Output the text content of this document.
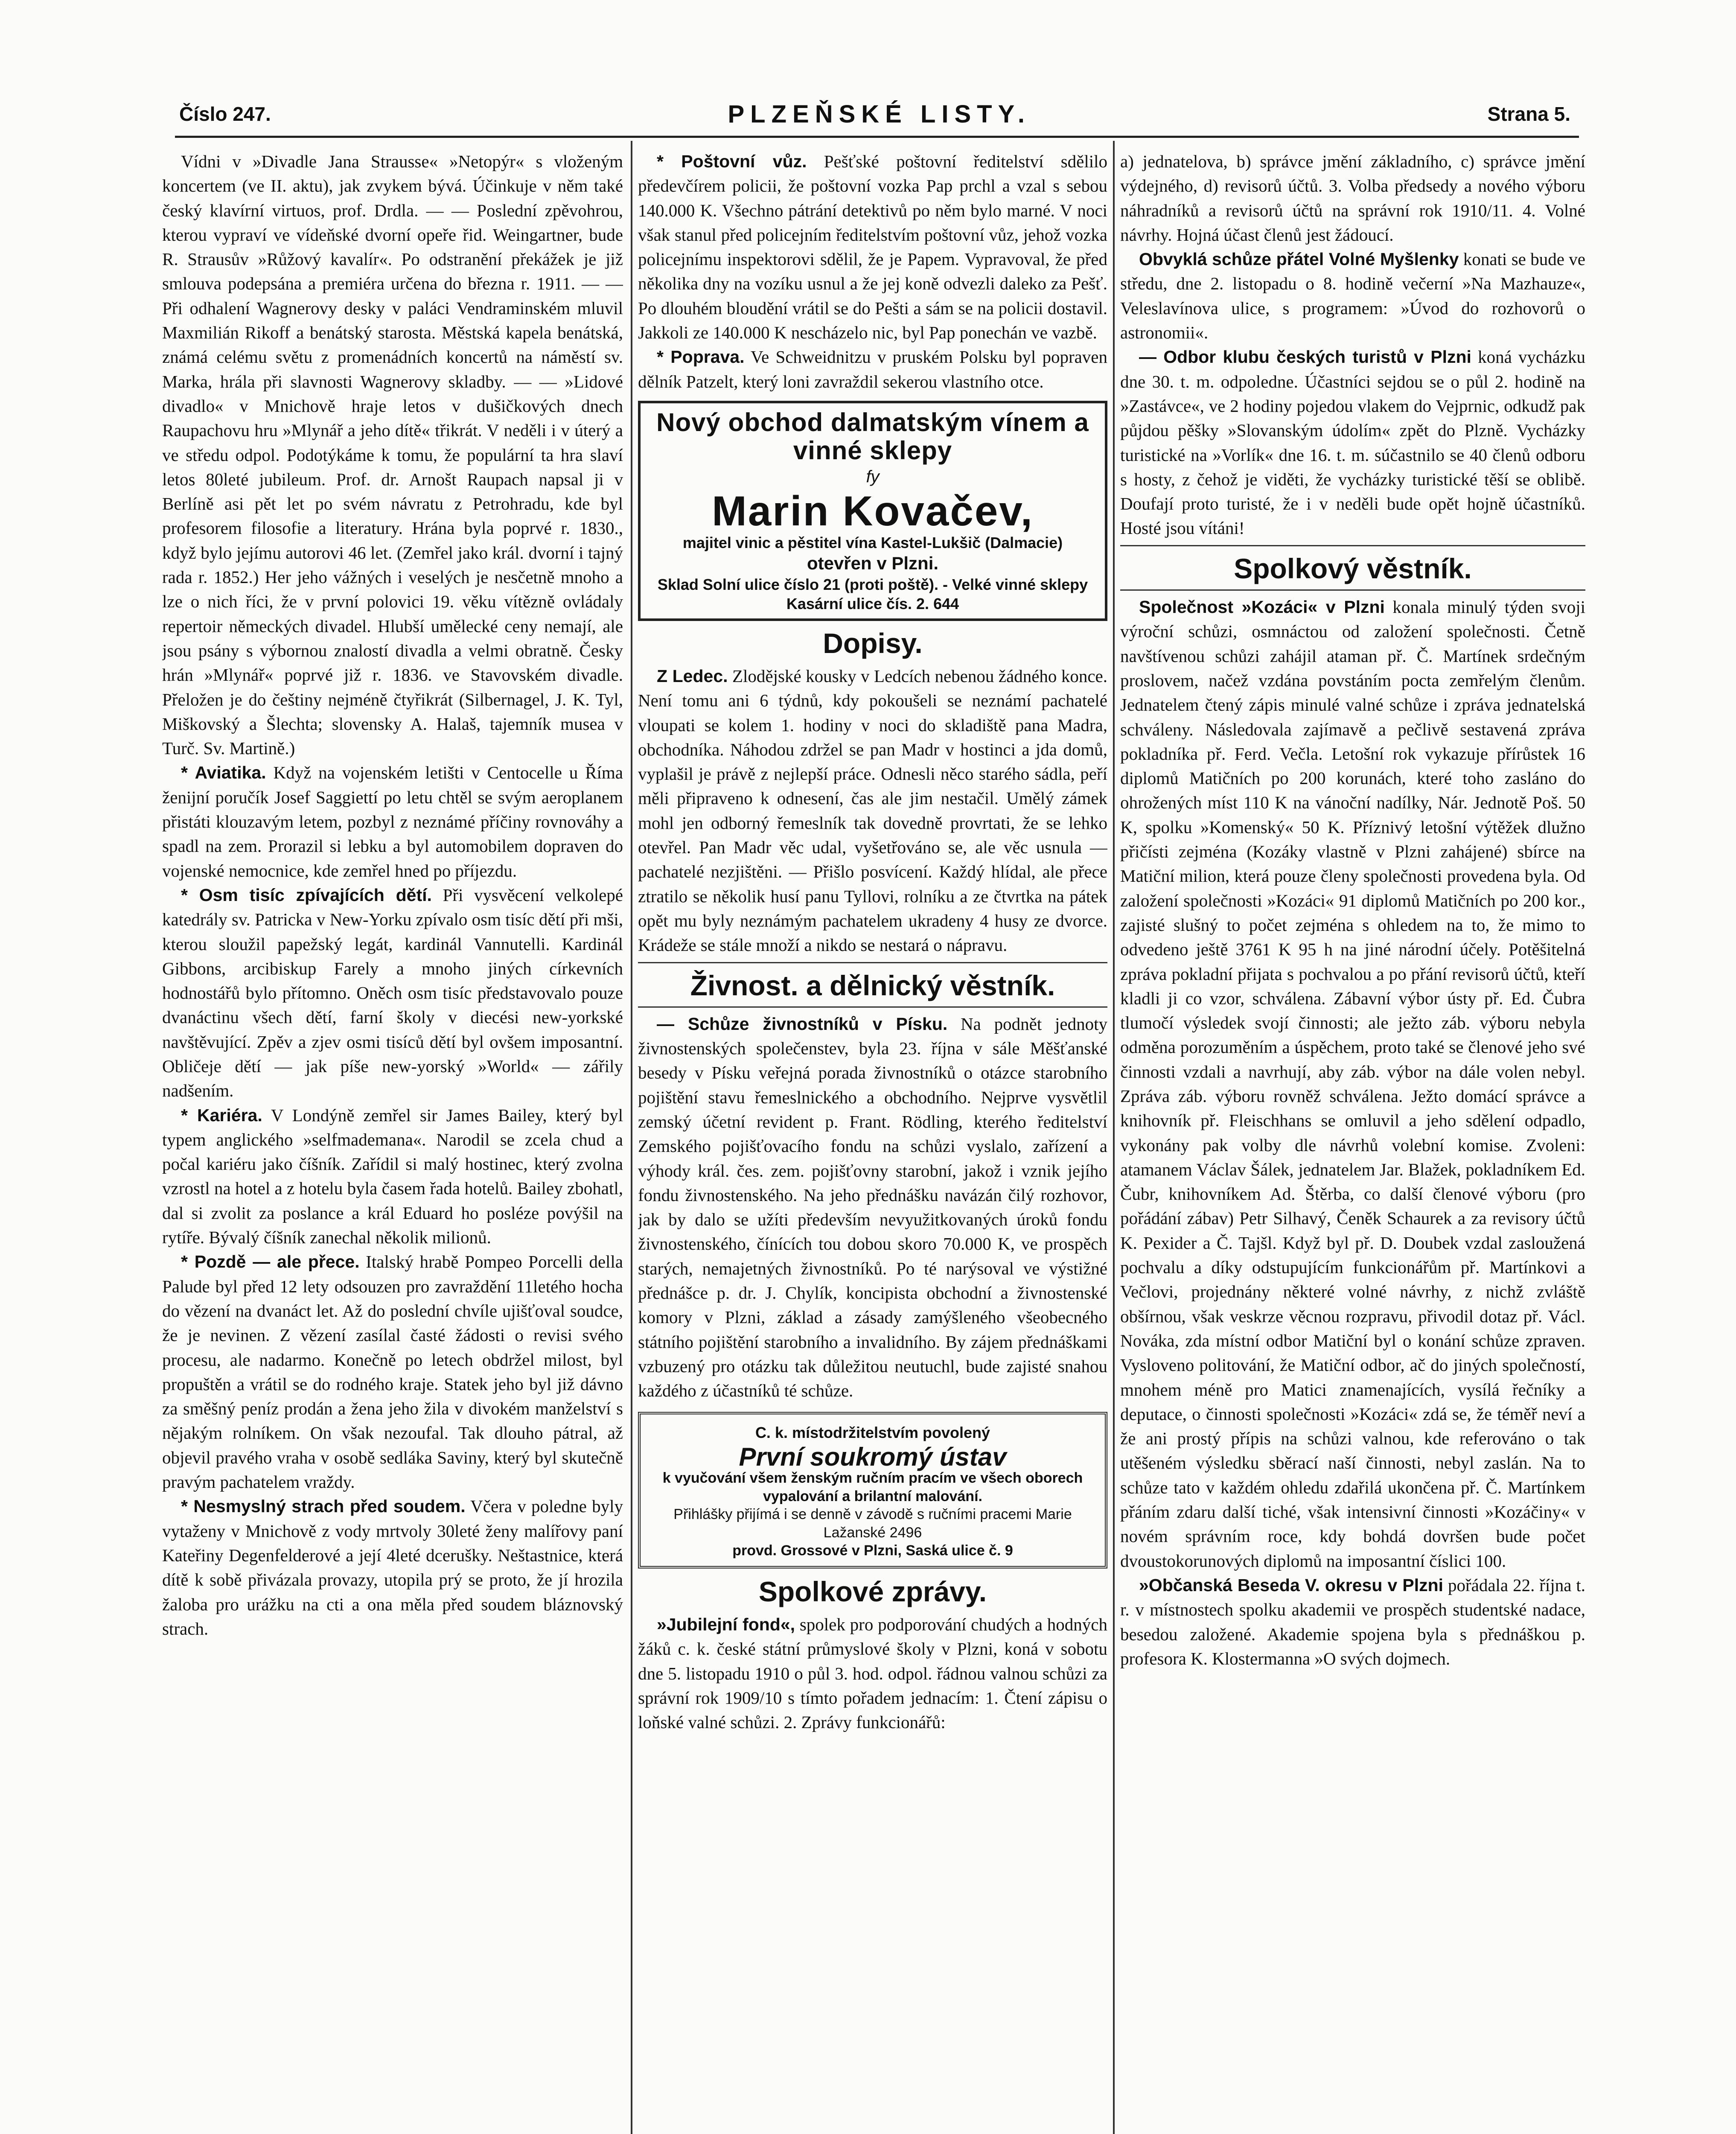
Číslo 247.	PLZEŇSKÉ LISTY.	Strana 5.

Vídni v »Divadle Jana Strausse« »Netopýr« s vloženým koncertem (ve II. aktu), jak zvykem bývá. Účinkuje v něm také český klavírní virtuos, prof. Drdla. — — Poslední zpěvohrou, kterou vypraví ve vídeňské dvorní opeře řid. Weingartner, bude R. Strausův »Růžový kavalír«. Po odstranění překážek je již smlouva podepsána a premiéra určena do března r. 1911. — — Při odhalení Wagnerovy desky v paláci Vendraminském mluvil Maxmilián Rikoff a benátský starosta. Městská kapela benátská, známá celému světu z promenádních koncertů na náměstí sv. Marka, hrála při slavnosti Wagnerovy skladby. — — »Lidové divadlo« v Mnichově hraje letos v dušičkových dnech Raupachovu hru »Mlynář a jeho dítě« třikrát. V neděli i v úterý a ve středu odpol. Podotýkáme k tomu, že populární ta hra slaví letos 80leté jubileum. Prof. dr. Arnošt Raupach napsal ji v Berlíně asi pět let po svém návratu z Petrohradu, kde byl profesorem filosofie a literatury. Hrána byla poprvé r. 1830., když bylo jejímu autorovi 46 let. (Zemřel jako král. dvorní i tajný rada r. 1852.) Her jeho vážných i veselých je nesčetně mnoho a lze o nich říci, že v první polovici 19. věku vítězně ovládaly repertoir německých divadel. Hlubší umělecké ceny nemají, ale jsou psány s výbornou znalostí divadla a velmi obratně. Česky hrán »Mlynář« poprvé již r. 1836. ve Stavovském divadle. Přeložen je do češtiny nejméně čtyřikrát (Silbernagel, J. K. Tyl, Miškovský a Šlechta; slovensky A. Halaš, tajemník musea v Turč. Sv. Martině.)

* Aviatika. Když na vojenském letišti v Centocelle u Říma ženijní poručík Josef Saggiettí po letu chtěl se svým aeroplanem přistáti klouzavým letem, pozbyl z neznámé příčiny rovnováhy a spadl na zem. Prorazil si lebku a byl automobilem dopraven do vojenské nemocnice, kde zemřel hned po příjezdu.

* Osm tisíc zpívajících dětí. Při vysvěcení velkolepé katedrály sv. Patricka v New-Yorku zpívalo osm tisíc dětí při mši, kterou sloužil papežský legát, kardinál Vannutelli. Kardinál Gibbons, arcibiskup Farely a mnoho jiných církevních hodnostářů bylo přítomno. Oněch osm tisíc představovalo pouze dvanáctinu všech dětí, farní školy v diecési new-yorkské navštěvující. Zpěv a zjev osmi tisíců dětí byl ovšem imposantní. Obličeje dětí — jak píše new-yorský »World« — zářily nadšením.

* Kariéra. V Londýně zemřel sir James Bailey, který byl typem anglického »selfmademana«. Narodil se zcela chud a počal kariéru jako číšník. Zařídil si malý hostinec, který zvolna vzrostl na hotel a z hotelu byla časem řada hotelů. Bailey zbohatl, dal si zvolit za poslance a král Eduard ho posléze povýšil na rytíře. Bývalý číšník zanechal několik milionů.

* Pozdě — ale přece. Italský hrabě Pompeo Porcelli della Palude byl před 12 lety odsouzen pro zavraždění 11letého hocha do vězení na dvanáct let. Až do poslední chvíle ujišťoval soudce, že je nevinen. Z vězení zasílal časté žádosti o revisi svého procesu, ale nadarmo. Konečně po letech obdržel milost, byl propuštěn a vrátil se do rodného kraje. Statek jeho byl již dávno za směšný peníz prodán a žena jeho žila v divokém manželství s nějakým rolníkem. On však nezoufal. Tak dlouho pátral, až objevil pravého vraha v osobě sedláka Saviny, který byl skutečně pravým pachatelem vraždy.

* Nesmyslný strach před soudem. Včera v poledne byly vytaženy v Mnichově z vody mrtvoly 30leté ženy malířovy paní Kateřiny Degenfelderové a její 4leté dcerušky. Neštastnice, která dítě k sobě přivázala provazy, utopila prý se proto, že jí hrozila žaloba pro urážku na cti a ona měla před soudem bláznovský strach.

* Poštovní vůz. Pešťské poštovní ředitelství sdělilo předevčírem policii, že poštovní vozka Pap prchl a vzal s sebou 140.000 K. Všechno pátrání detektivů po něm bylo marné. V noci však stanul před policejním ředitelstvím poštovní vůz, jehož vozka policejnímu inspektorovi sdělil, že je Papem. Vypravoval, že před několika dny na vozíku usnul a že jej koně odvezli daleko za Pešť. Po dlouhém bloudění vrátil se do Pešti a sám se na policii dostavil. Jakkoli ze 140.000 K nescházelo nic, byl Pap ponechán ve vazbě.

* Poprava. Ve Schweidnitzu v pruském Polsku byl popraven dělník Patzelt, který loni zavraždil sekerou vlastního otce.

Nový obchod dalmatským vínem a vinné sklepy
fy
Marin Kovačev,
majitel vinic a pěstitel vína Kastel-Lukšič (Dalmacie)
otevřen v Plzni.
Sklad Solní ulice číslo 21 (proti poště). - Velké vinné sklepy Kasární ulice čís. 2. 644
Dopisy.

Z Ledec. Zlodějské kousky v Ledcích nebenou žádného konce. Není tomu ani 6 týdnů, kdy pokoušeli se neznámí pachatelé vloupati se kolem 1. hodiny v noci do skladiště pana Madra, obchodníka. Náhodou zdržel se pan Madr v hostinci a jda domů, vyplašil je právě z nejlepší práce. Odnesli něco starého sádla, peří měli připraveno k odnesení, čas ale jim nestačil. Umělý zámek mohl jen odborný řemeslník tak dovedně provrtati, že se lehko otevřel. Pan Madr věc udal, vyšetřováno se, ale věc usnula — pachatelé nezjištěni. — Přišlo posvícení. Každý hlídal, ale přece ztratilo se několik husí panu Tyllovi, rolníku a ze čtvrtka na pátek opět mu byly neznámým pachatelem ukradeny 4 husy ze dvorce. Krádeže se stále množí a nikdo se nestará o nápravu.

Živnost. a dělnický věstník.

— Schůze živnostníků v Písku. Na podnět jednoty živnostenských společenstev, byla 23. října v sále Měšťanské besedy v Písku veřejná porada živnostníků o otázce starobního pojištění stavu řemeslnického a obchodního. Nejprve vysvětlil zemský účetní revident p. Frant. Rödling, kterého ředitelství Zemského pojišťovacího fondu na schůzi vyslalo, zařízení a výhody král. čes. zem. pojišťovny starobní, jakož i vznik jejího fondu živnostenského. Na jeho přednášku navázán čilý rozhovor, jak by dalo se užíti především nevyužitkovaných úroků fondu živnostenského, čínících tou dobou skoro 70.000 K, ve prospěch starých, nemajetných živnostníků. Po té narýsoval ve výstižné přednášce p. dr. J. Chylík, koncipista obchodní a živnostenské komory v Plzni, základ a zásady zamýšleného všeobecného státního pojištění starobního a invalidního. By zájem přednáškami vzbuzený pro otázku tak důležitou neutuchl, bude zajisté snahou každého z účastníků té schůze.

C. k. místodržitelstvím povolený
První soukromý ústav
k vyučování všem ženským ručním pracím ve všech oborech vypalování a brilantní malování.
Přihlášky přijímá i se denně v závodě s ručními pracemi Marie Lažanské 2496
provd. Grossové v Plzni, Saská ulice č. 9
Spolkové zprávy.

»Jubilejní fond«, spolek pro podporování chudých a hodných žáků c. k. české státní průmyslové školy v Plzni, koná v sobotu dne 5. listopadu 1910 o půl 3. hod. odpol. řádnou valnou schůzi za správní rok 1909/10 s tímto pořadem jednacím: 1. Čtení zápisu o loňské valné schůzi. 2. Zprávy funkcionářů:

a) jednatelova, b) správce jmění základního, c) správce jmění výdejného, d) revisorů účtů. 3. Volba předsedy a nového výboru náhradníků a revisorů účtů na správní rok 1910/11. 4. Volné návrhy. Hojná účast členů jest žádoucí.

Obvyklá schůze přátel Volné Myšlenky konati se bude ve středu, dne 2. listopadu o 8. hodině večerní »Na Mazhauze«, Veleslavínova ulice, s programem: »Úvod do rozhovorů o astronomii«.

— Odbor klubu českých turistů v Plzni koná vycházku dne 30. t. m. odpoledne. Účastníci sejdou se o půl 2. hodině na »Zastávce«, ve 2 hodiny pojedou vlakem do Vejprnic, odkudž pak půjdou pěšky »Slovanským údolím« zpět do Plzně. Vycházky turistické na »Vorlík« dne 16. t. m. súčastnilo se 40 členů odboru s hosty, z čehož je viděti, že vycházky turistické těší se oblibě. Doufají proto turisté, že i v neděli bude opět hojně účastníků. Hosté jsou vítáni!

Spolkový věstník.

Společnost »Kozáci« v Plzni konala minulý týden svoji výroční schůzi, osmnáctou od založení společnosti. Četně navštívenou schůzi zahájil ataman př. Č. Martínek srdečným proslovem, načež vzdána povstáním pocta zemřelým členům. Jednatelem čtený zápis minulé valné schůze i zpráva jednatelská schváleny. Následovala zajímavě a pečlivě sestavená zpráva pokladníka př. Ferd. Večla. Letošní rok vykazuje přírůstek 16 diplomů Matičních po 200 korunách, které toho zasláno do ohrožených míst 110 K na vánoční nadílky, Nár. Jednotě Poš. 50 K, spolku »Komenský« 50 K. Příznivý letošní výtěžek dlužno přičísti zejména (Kozáky vlastně v Plzni zahájené) sbírce na Matiční milion, která pouze členy společnosti provedena byla. Od založení společnosti »Kozáci« 91 diplomů Matičních po 200 kor., zajisté slušný to počet zejména s ohledem na to, že mimo to odvedeno ještě 3761 K 95 h na jiné národní účely. Potěšitelná zpráva pokladní přijata s pochvalou a po přání revisorů účtů, kteří kladli ji co vzor, schválena. Zábavní výbor ústy př. Ed. Čubra tlumočí výsledek svojí činnosti; ale ježto záb. výboru nebyla odměna porozuměním a úspěchem, proto také se členové jeho své činnosti vzdali a navrhují, aby záb. výbor na dále volen nebyl. Zpráva záb. výboru rovněž schválena. Ježto domácí správce a knihovník př. Fleischhans se omluvil a jeho sdělení odpadlo, vykonány pak volby dle návrhů volební komise. Zvoleni: atamanem Václav Šálek, jednatelem Jar. Blažek, pokladníkem Ed. Čubr, knihovníkem Ad. Štěrba, co další členové výboru (pro pořádání zábav) Petr Silhavý, Čeněk Schaurek a za revisory účtů K. Pexider a Č. Tajšl. Když byl př. D. Doubek vzdal zasloužená pochvalu a díky odstupujícím funkcionářům př. Martínkovi a Večlovi, projednány některé volné návrhy, z nichž zvláště obšírnou, však veskrze věcnou rozpravu, přivodil dotaz př. Václ. Nováka, zda místní odbor Matiční byl o konání schůze zpraven. Vysloveno politování, že Matiční odbor, ač do jiných společností, mnohem méně pro Matici znamenajících, vysílá řečníky a deputace, o činnosti společnosti »Kozáci« zdá se, že téměř neví a že ani prostý přípis na schůzi valnou, kde referováno o tak utěšeném výsledku sběrací naší činnosti, nebyl zaslán. Na to schůze tato v každém ohledu zdařilá ukončena př. Č. Martínkem přáním zdaru další tiché, však intensivní činnosti »Kozáčiny« v novém správním roce, kdy bohdá dovršen bude počet dvoustokorunových diplomů na imposantní číslici 100.

»Občanská Beseda V. okresu v Plzni pořádala 22. října t. r. v místnostech spolku akademii ve prospěch studentské nadace, besedou založené. Akademie spojena byla s přednáškou p. profesora K. Klostermanna »O svých dojmech.
